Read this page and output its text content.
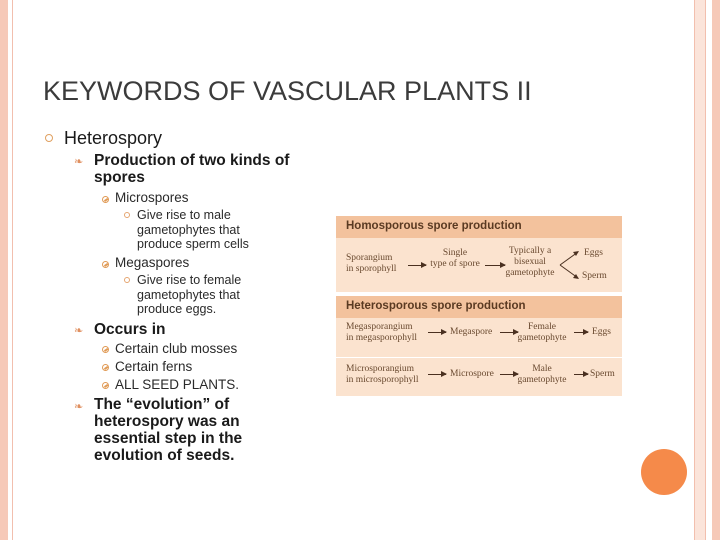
KEYWORDS OF VASCULAR PLANTS II
Heterospory
❧ Production of two kinds of spores
Microspores
Give rise to male gametophytes that produce sperm cells
Megaspores
Give rise to female gametophytes that produce eggs.
❧ Occurs in
Certain club mosses
Certain ferns
ALL SEED PLANTS.
❧ The “evolution” of heterospory was an essential step in the evolution of seeds.
Homosporous spore production
Sporangium
in sporophyll
Single
type of spore
Typically a
bisexual
gametophyte
Eggs
Sperm
Heterosporous spore production
Megasporangium
in megasporophyll
Megaspore	Female
gametophyte
Eggs
Microsporangium
in microsporophyll
Microspore	Male
gametophyte
Sperm
